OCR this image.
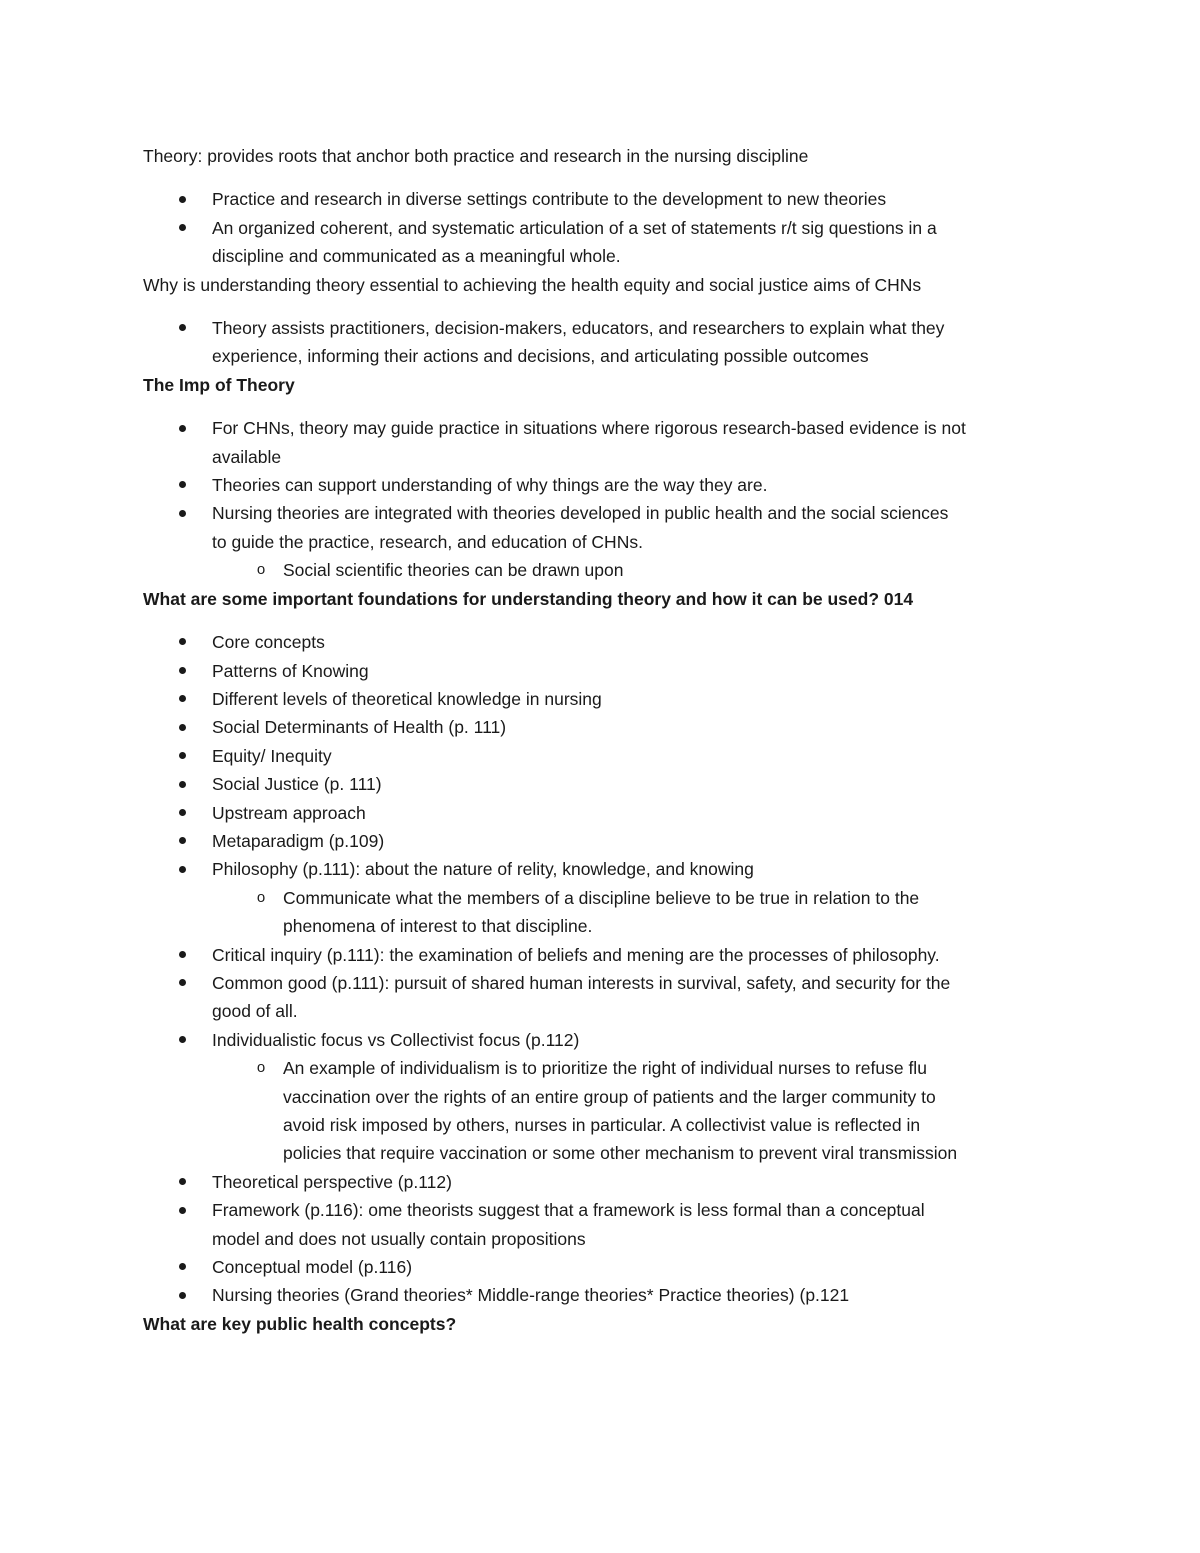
Theory: provides roots that anchor both practice and research in the nursing discipline

Practice and research in diverse settings contribute to the development to new theories
An organized coherent, and systematic articulation of a set of statements r/t sig questions in a
discipline and communicated as a meaningful whole.

Why is understanding theory essential to achieving the health equity and social justice aims of CHNs

Theory assists practitioners, decision-makers, educators, and researchers to explain what they
experience, informing their actions and decisions, and articulating possible outcomes

The Imp of Theory

For CHNs, theory may guide practice in situations where rigorous research-based evidence is not
available
Theories can support understanding of why things are the way they are.
Nursing theories are integrated with theories developed in public health and the social sciences
to guide the practice, research, and education of CHNs.
o Social scientific theories can be drawn upon

What are some important foundations for understanding theory and how it can be used? 014

Core concepts
Patterns of Knowing
Different levels of theoretical knowledge in nursing
Social Determinants of Health (p. 111)
Equity/ Inequity
Social Justice (p. 111)
Upstream approach
Metaparadigm (p.109)
Philosophy (p.111): about the nature of relity, knowledge, and knowing
o Communicate what the members of a discipline believe to be true in relation to the
phenomena of interest to that discipline.
Critical inquiry (p.111): the examination of beliefs and mening are the processes of philosophy.
Common good (p.111): pursuit of shared human interests in survival, safety, and security for the
good of all.
Individualistic focus vs Collectivist focus (p.112)
o An example of individualism is to prioritize the right of individual nurses to refuse flu
vaccination over the rights of an entire group of patients and the larger community to
avoid risk imposed by others, nurses in particular. A collectivist value is reflected in
policies that require vaccination or some other mechanism to prevent viral transmission
Theoretical perspective (p.112)
Framework (p.116): ome theorists suggest that a framework is less formal than a conceptual
model and does not usually contain propositions
Conceptual model (p.116)
Nursing theories (Grand theories* Middle-range theories* Practice theories) (p.121

What are key public health concepts?
